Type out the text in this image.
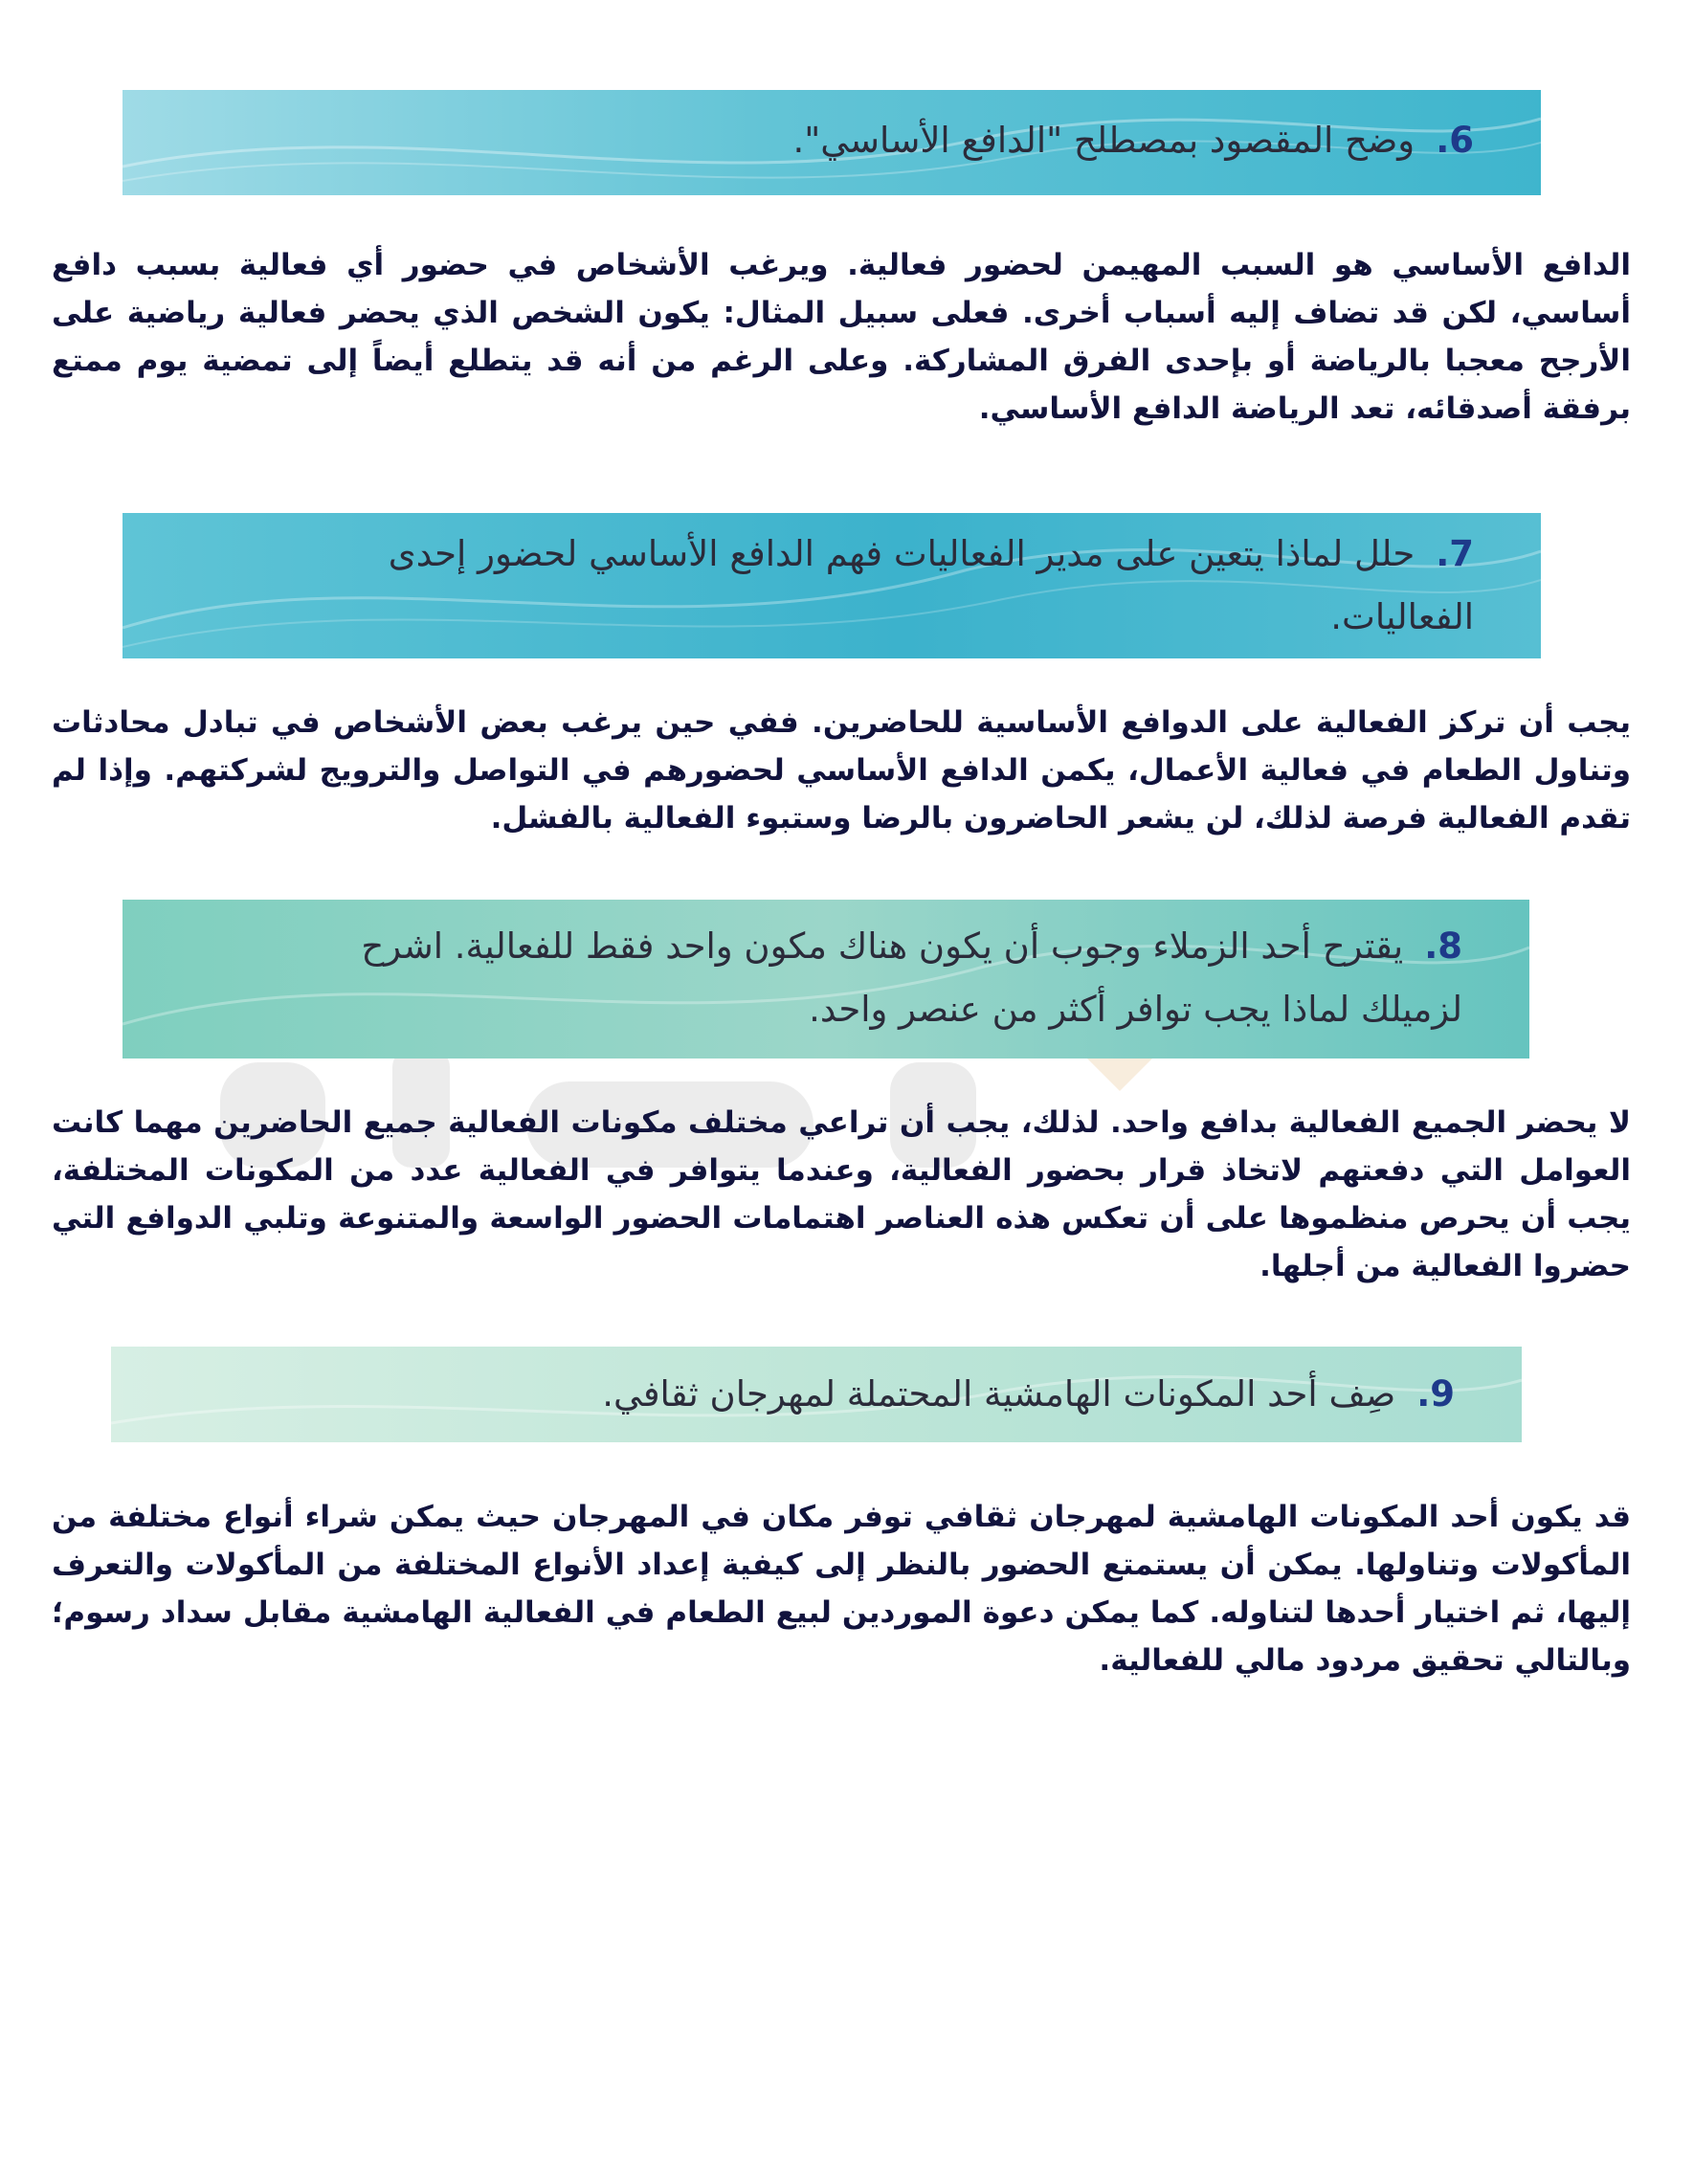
6.وضح المقصود بمصطلح "الدافع الأساسي".
الدافع الأساسي هو السبب المهيمن لحضور فعالية. ويرغب الأشخاص في حضور أي فعالية بسبب دافع أساسي، لكن قد تضاف إليه أسباب أخرى. فعلى سبيل المثال: يكون الشخص الذي يحضر فعالية رياضية على الأرجح معجبا بالرياضة أو بإحدى الفرق المشاركة. وعلى الرغم من أنه قد يتطلع أيضاً إلى تمضية يوم ممتع برفقة أصدقائه، تعد الرياضة الدافع الأساسي.
7.حلل لماذا يتعين على مدير الفعاليات فهم الدافع الأساسي لحضور إحدى الفعاليات.
يجب أن تركز الفعالية على الدوافع الأساسية للحاضرين. ففي حين يرغب بعض الأشخاص في تبادل محادثات وتناول الطعام في فعالية الأعمال، يكمن الدافع الأساسي لحضورهم في التواصل والترويج لشركتهم. وإذا لم تقدم الفعالية فرصة لذلك، لن يشعر الحاضرون بالرضا وستبوء الفعالية بالفشل.
8.يقترح أحد الزملاء وجوب أن يكون هناك مكون واحد فقط للفعالية. اشرح لزميلك لماذا يجب توافر أكثر من عنصر واحد.
لا يحضر الجميع الفعالية بدافع واحد. لذلك، يجب أن تراعي مختلف مكونات الفعالية جميع الحاضرين مهما كانت العوامل التي دفعتهم لاتخاذ قرار بحضور الفعالية، وعندما يتوافر في الفعالية عدد من المكونات المختلفة، يجب أن يحرص منظموها على أن تعكس هذه العناصر اهتمامات الحضور الواسعة والمتنوعة وتلبي الدوافع التي حضروا الفعالية من أجلها.
9.صِف أحد المكونات الهامشية المحتملة لمهرجان ثقافي.
قد يكون أحد المكونات الهامشية لمهرجان ثقافي توفر مكان في المهرجان حيث يمكن شراء أنواع مختلفة من المأكولات وتناولها. يمكن أن يستمتع الحضور بالنظر إلى كيفية إعداد الأنواع المختلفة من المأكولات والتعرف إليها، ثم اختيار أحدها لتناوله. كما يمكن دعوة الموردين لبيع الطعام في الفعالية الهامشية مقابل سداد رسوم؛ وبالتالي تحقيق مردود مالي للفعالية.
